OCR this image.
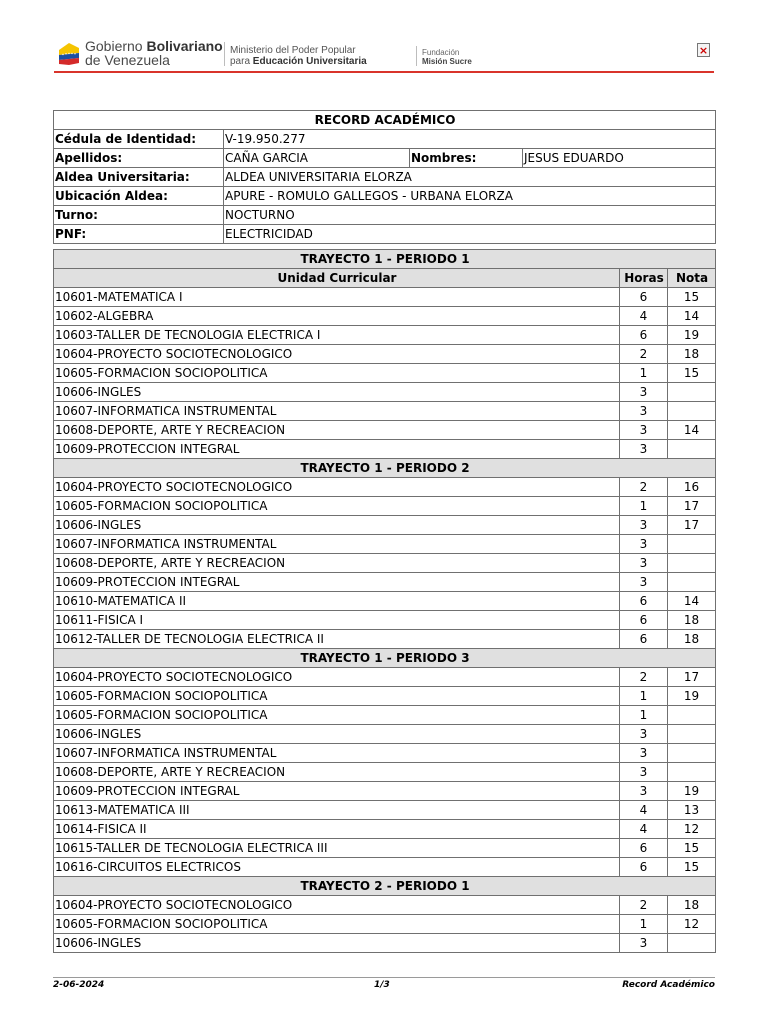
Gobierno Bolivariano
de Venezuela
Ministerio del Poder Popular
para Educación Universitaria
Fundación
Misión Sucre
×
RECORD ACADÉMICO			
Cédula de Identidad:	V-19.950.277		
Apellidos:	CAÑA GARCIA	Nombres:	JESUS EDUARDO
Aldea Universitaria:	ALDEA UNIVERSITARIA ELORZA		
Ubicación Aldea:	APURE - ROMULO GALLEGOS - URBANA ELORZA		
Turno:	NOCTURNO		
PNF:	ELECTRICIDAD		
TRAYECTO 1 - PERIODO 1		
Unidad Curricular	Horas	Nota
10601-MATEMATICA I	6	15
10602-ALGEBRA	4	14
10603-TALLER DE TECNOLOGIA ELECTRICA I	6	19
10604-PROYECTO SOCIOTECNOLOGICO	2	18
10605-FORMACION SOCIOPOLITICA	1	15
10606-INGLES	3	
10607-INFORMATICA INSTRUMENTAL	3	
10608-DEPORTE, ARTE Y RECREACION	3	14
10609-PROTECCION INTEGRAL	3	
TRAYECTO 1 - PERIODO 2		
10604-PROYECTO SOCIOTECNOLOGICO	2	16
10605-FORMACION SOCIOPOLITICA	1	17
10606-INGLES	3	17
10607-INFORMATICA INSTRUMENTAL	3	
10608-DEPORTE, ARTE Y RECREACION	3	
10609-PROTECCION INTEGRAL	3	
10610-MATEMATICA II	6	14
10611-FISICA I	6	18
10612-TALLER DE TECNOLOGIA ELECTRICA II	6	18
TRAYECTO 1 - PERIODO 3		
10604-PROYECTO SOCIOTECNOLOGICO	2	17
10605-FORMACION SOCIOPOLITICA	1	19
10605-FORMACION SOCIOPOLITICA	1	
10606-INGLES	3	
10607-INFORMATICA INSTRUMENTAL	3	
10608-DEPORTE, ARTE Y RECREACION	3	
10609-PROTECCION INTEGRAL	3	19
10613-MATEMATICA III	4	13
10614-FISICA II	4	12
10615-TALLER DE TECNOLOGIA ELECTRICA III	6	15
10616-CIRCUITOS ELECTRICOS	6	15
TRAYECTO 2 - PERIODO 1		
10604-PROYECTO SOCIOTECNOLOGICO	2	18
10605-FORMACION SOCIOPOLITICA	1	12
10606-INGLES	3	
2-06-2024	1/3	Record Académico
